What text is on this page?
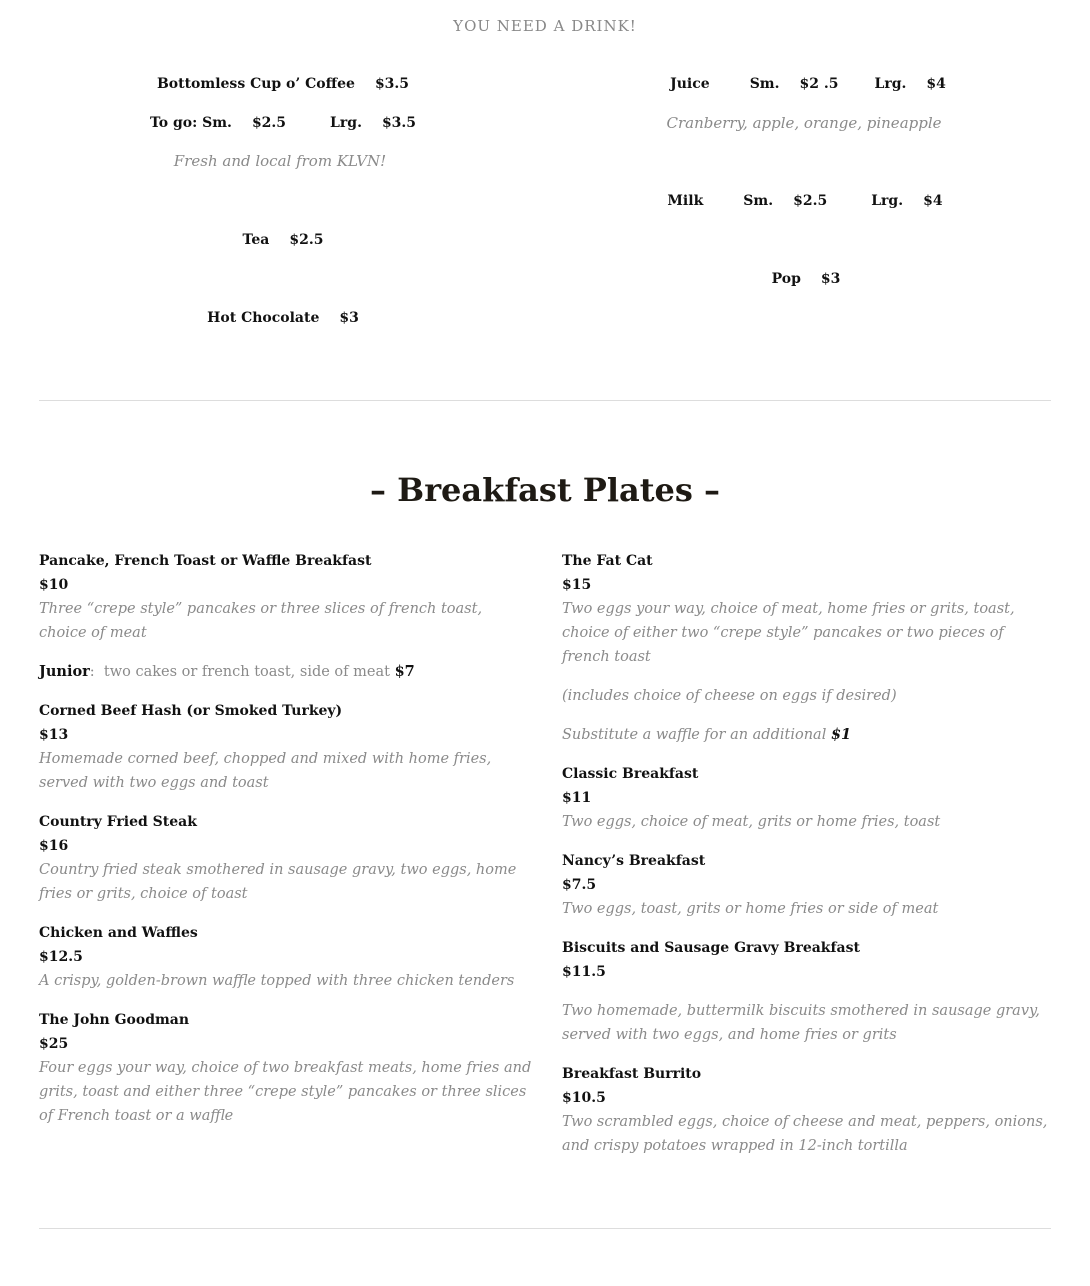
YOU NEED A DRINK!
Bottomless Cup o’ Coffee $3.5
To go: Sm. $2.5	Lrg. $3.5
Fresh and local from KLVN!
Tea $2.5
Hot Chocolate $3
Juice	Sm. $2 .5	Lrg. $4
Cranberry, apple, orange, pineapple
Milk	Sm. $2.5	Lrg. $4
Pop $3
– Breakfast Plates –
Pancake, French Toast or Waffle Breakfast
$10
Three “crepe style” pancakes or three slices of french toast, choice of meat
Junior: two cakes or french toast, side of meat $7
Corned Beef Hash (or Smoked Turkey)
$13
Homemade corned beef, chopped and mixed with home fries, served with two eggs and toast
Country Fried Steak
$16
Country fried steak smothered in sausage gravy, two eggs, home fries or grits, choice of toast
Chicken and Waffles
$12.5
A crispy, golden-brown waffle topped with three chicken tenders
The John Goodman
$25
Four eggs your way, choice of two breakfast meats, home fries and grits, toast and either three “crepe style” pancakes or three slices of French toast or a waffle
The Fat Cat
$15
Two eggs your way, choice of meat, home fries or grits, toast, choice of either two “crepe style” pancakes or two pieces of french toast
(includes choice of cheese on eggs if desired)
Substitute a waffle for an additional $1
Classic Breakfast
$11
Two eggs, choice of meat, grits or home fries, toast
Nancy’s Breakfast
$7.5
Two eggs, toast, grits or home fries or side of meat
Biscuits and Sausage Gravy Breakfast
$11.5
Two homemade, buttermilk biscuits smothered in sausage gravy, served with two eggs, and home fries or grits
Breakfast Burrito
$10.5
Two scrambled eggs, choice of cheese and meat, peppers, onions, and crispy potatoes wrapped in 12-inch tortilla
